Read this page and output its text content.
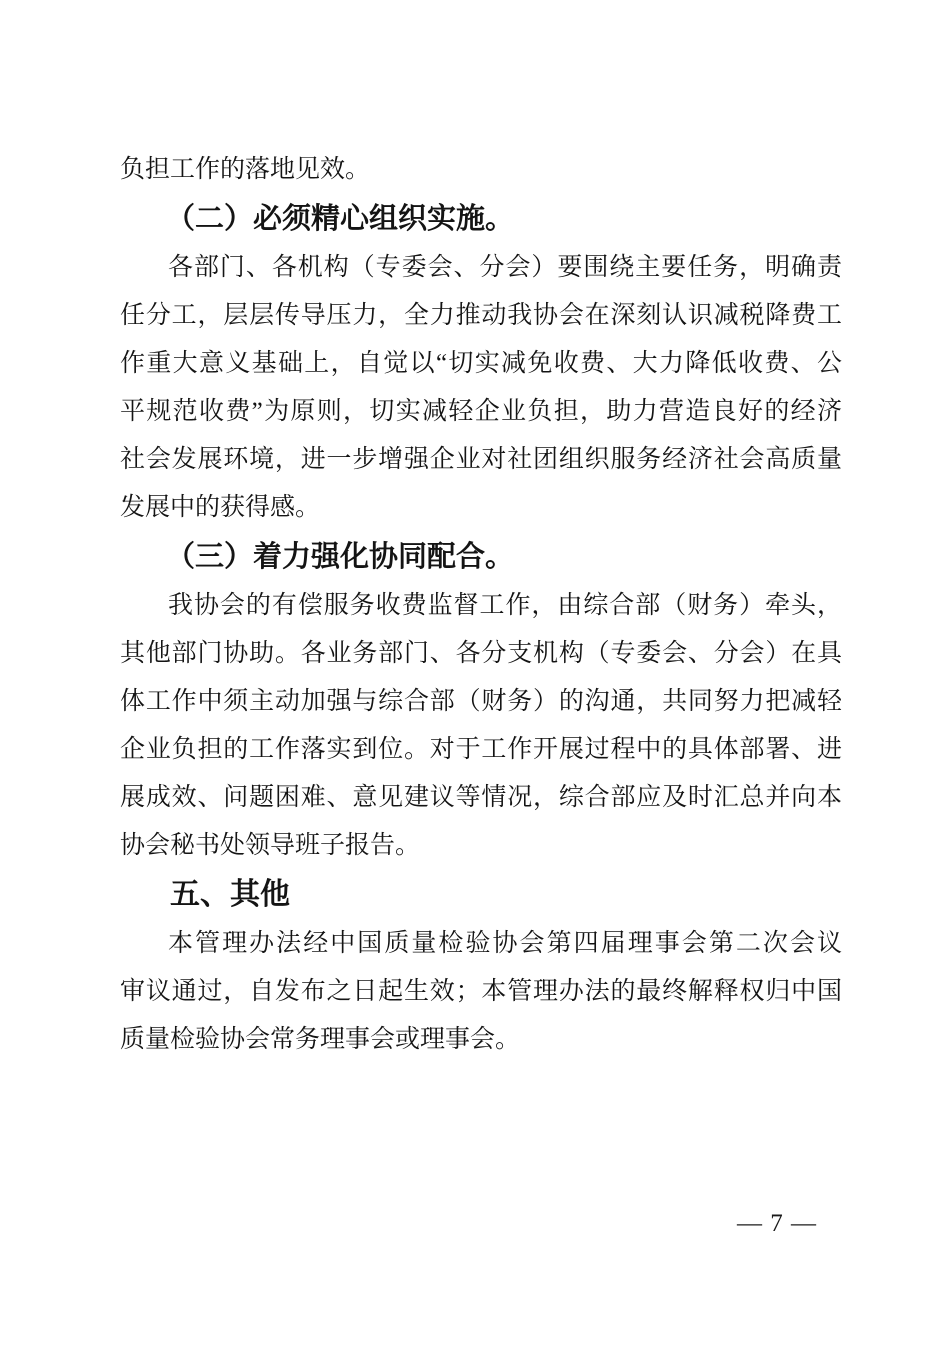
负担工作的落地见效。
（二）必须精心组织实施。
各部门、各机构（专委会、分会）要围绕主要任务，明确责
任分工，层层传导压力，全力推动我协会在深刻认识减税降费工
作重大意义基础上，自觉以“切实减免收费、大力降低收费、公
平规范收费”为原则，切实减轻企业负担，助力营造良好的经济
社会发展环境，进一步增强企业对社团组织服务经济社会高质量
发展中的获得感。
（三）着力强化协同配合。
我协会的有偿服务收费监督工作，由综合部（财务）牵头，
其他部门协助。各业务部门、各分支机构（专委会、分会）在具
体工作中须主动加强与综合部（财务）的沟通，共同努力把减轻
企业负担的工作落实到位。对于工作开展过程中的具体部署、进
展成效、问题困难、意见建议等情况，综合部应及时汇总并向本
协会秘书处领导班子报告。
五、其他
本管理办法经中国质量检验协会第四届理事会第二次会议
审议通过，自发布之日起生效；本管理办法的最终解释权归中国
质量检验协会常务理事会或理事会。
— 7 —
